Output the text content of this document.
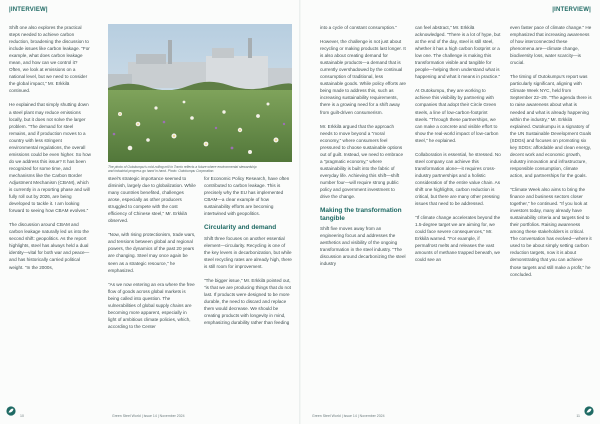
|INTERVIEW|

Shift one also explores the practical steps needed to achieve carbon reduction, broadening the discussion to include issues like carbon leakage. "For example, what does carbon leakage mean, and how can we control it? Often, we look at emissions on a national level, but we need to consider the global impact," Mr. Erkkilä continued.

He explained that simply shutting down a steel plant may reduce emissions locally, but it does not solve the larger problem. "The demand for steel remains, and if production moves to a country with less stringent environmental regulations, the overall emissions could be even higher. So how do we address this issue? It has been recognized for some time, and mechanisms like the Carbon Border Adjustment Mechanism (CBAM), which is currently in a reporting phase and will fully roll out by 2026, are being developed to tackle it. I am looking forward to seeing how CBAM evolves."

The discussion around CBAM and carbon leakage naturally led us into the second shift: geopolitics. As the report highlights, steel has always held a dual identity—vital for both war and peace—and has historically carried political weight. "In the 2000s,

The photo of Outokumpu's cold-rolling mill in Tornio reflects a future where environmental stewardship and industrial progress go hand in hand. Photo: Outokumpu Corporation.

steel's strategic importance seemed to diminish, largely due to globalization. While many countries benefited, challenges arose, especially as other producers struggled to compete with the cost efficiency of Chinese steel," Mr. Erkkilä observed.

"Now, with rising protectionism, trade wars, and tensions between global and regional powers, the dynamics of the past 20 years are changing. Steel may once again be seen as a strategic resource," he emphasized.

"As we now entering an era where the free flow of goods across global markets is being called into question. The vulnerabilities of global supply chains are becoming more apparent, especially in light of ambitious climate policies, which, according to the Center

for Economic Policy Research, have often contributed to carbon leakage. This is precisely why the EU has implemented CBAM—a clear example of how sustainability efforts are becoming intertwined with geopolitics.

Circularity and demand

Shift three focuses on another essential element—circularity. Recycling is one of the key levers in decarbonization, but while steel recycling rates are already high, there is still room for improvement.

"The bigger issue," Mr. Erkkilä pointed out, "is that we are producing things that do not last. If products were designed to be more durable, the need to discard and replace them would decrease. We should be creating products with longevity in mind, emphasizing durability rather than feeding

10	Green Steel World | Issue 14 | November 2024
|INTERVIEW|

into a cycle of constant consumption."

However, the challenge is not just about recycling or making products last longer. It is also about creating demand for sustainable products—a demand that is currently overshadowed by the continual consumption of traditional, less sustainable goods. While policy efforts are being made to address this, such as increasing sustainability requirements, there is a growing need for a shift away from guilt-driven consumerism.

Mr. Erkkilä argued that the approach needs to move beyond a "moral economy," where consumers feel pressured to choose sustainable options out of guilt. Instead, we need to embrace a "pragmatic economy," where sustainability is built into the fabric of everyday life. Achieving this shift—shift number four—will require strong public policy and government investment to drive the change.

Making the transformation tangible

Shift five moves away from an engineering focus and addresses the aesthetics and visibility of the ongoing transformation in the steel industry. "The discussion around decarbonizing the steel industry

can feel abstract," Mr. Erkkilä acknowledged. "There is a lot of hype, but at the end of the day, steel is still steel, whether it has a high carbon footprint or a low one. The challenge is making this transformation visible and tangible for people—helping them understand what is happening and what it means in practice."

At Outokumpu, they are working to achieve this visibility by partnering with companies that adopt their Circle Green steels, a line of low-carbon-footprint steels. "Through these partnerships, we can make a concrete and visible effort to show the real-world impact of low-carbon steel," he explained.

Collaboration is essential, he stressed. No steel company can achieve this transformation alone—it requires cross-industry partnerships and a holistic consideration of the entire value chain. As shift one highlights, carbon reduction is critical, but there are many other pressing issues that need to be addressed.

"If climate change accelerates beyond the 1.5-degree target we are aiming for, we could face severe consequences," Mr. Erkkilä warned. "For example, if permafrost melts and releases the vast amounts of methane trapped beneath, we could see an

even faster pace of climate change." He emphasized that increasing awareness of how interconnected these phenomena are—climate change, biodiversity loss, water scarcity—is crucial.

The timing of Outokumpu's report was particularly significant, aligning with Climate Week NYC, held from September 22–29. "The agenda there is to raise awareness about what is needed and what is already happening within the industry," Mr. Erkkilä explained. Outokumpu is a signatory of the UN Sustainable Development Goals (SDGs) and focuses on promoting six key SDGs: affordable and clean energy, decent work and economic growth, industry innovation and infrastructure, responsible consumption, climate action, and partnerships for the goals.

"Climate Week also aims to bring the finance and business sectors closer together," he continued. "If you look at investors today, many already have sustainability criteria and targets tied to their portfolios. Raising awareness among these stakeholders is critical. The conversation has evolved—where it used to be about simply setting carbon reduction targets, now it is about demonstrating that you can achieve those targets and still make a profit," he concluded.

Green Steel World | Issue 14 | November 2024	11
